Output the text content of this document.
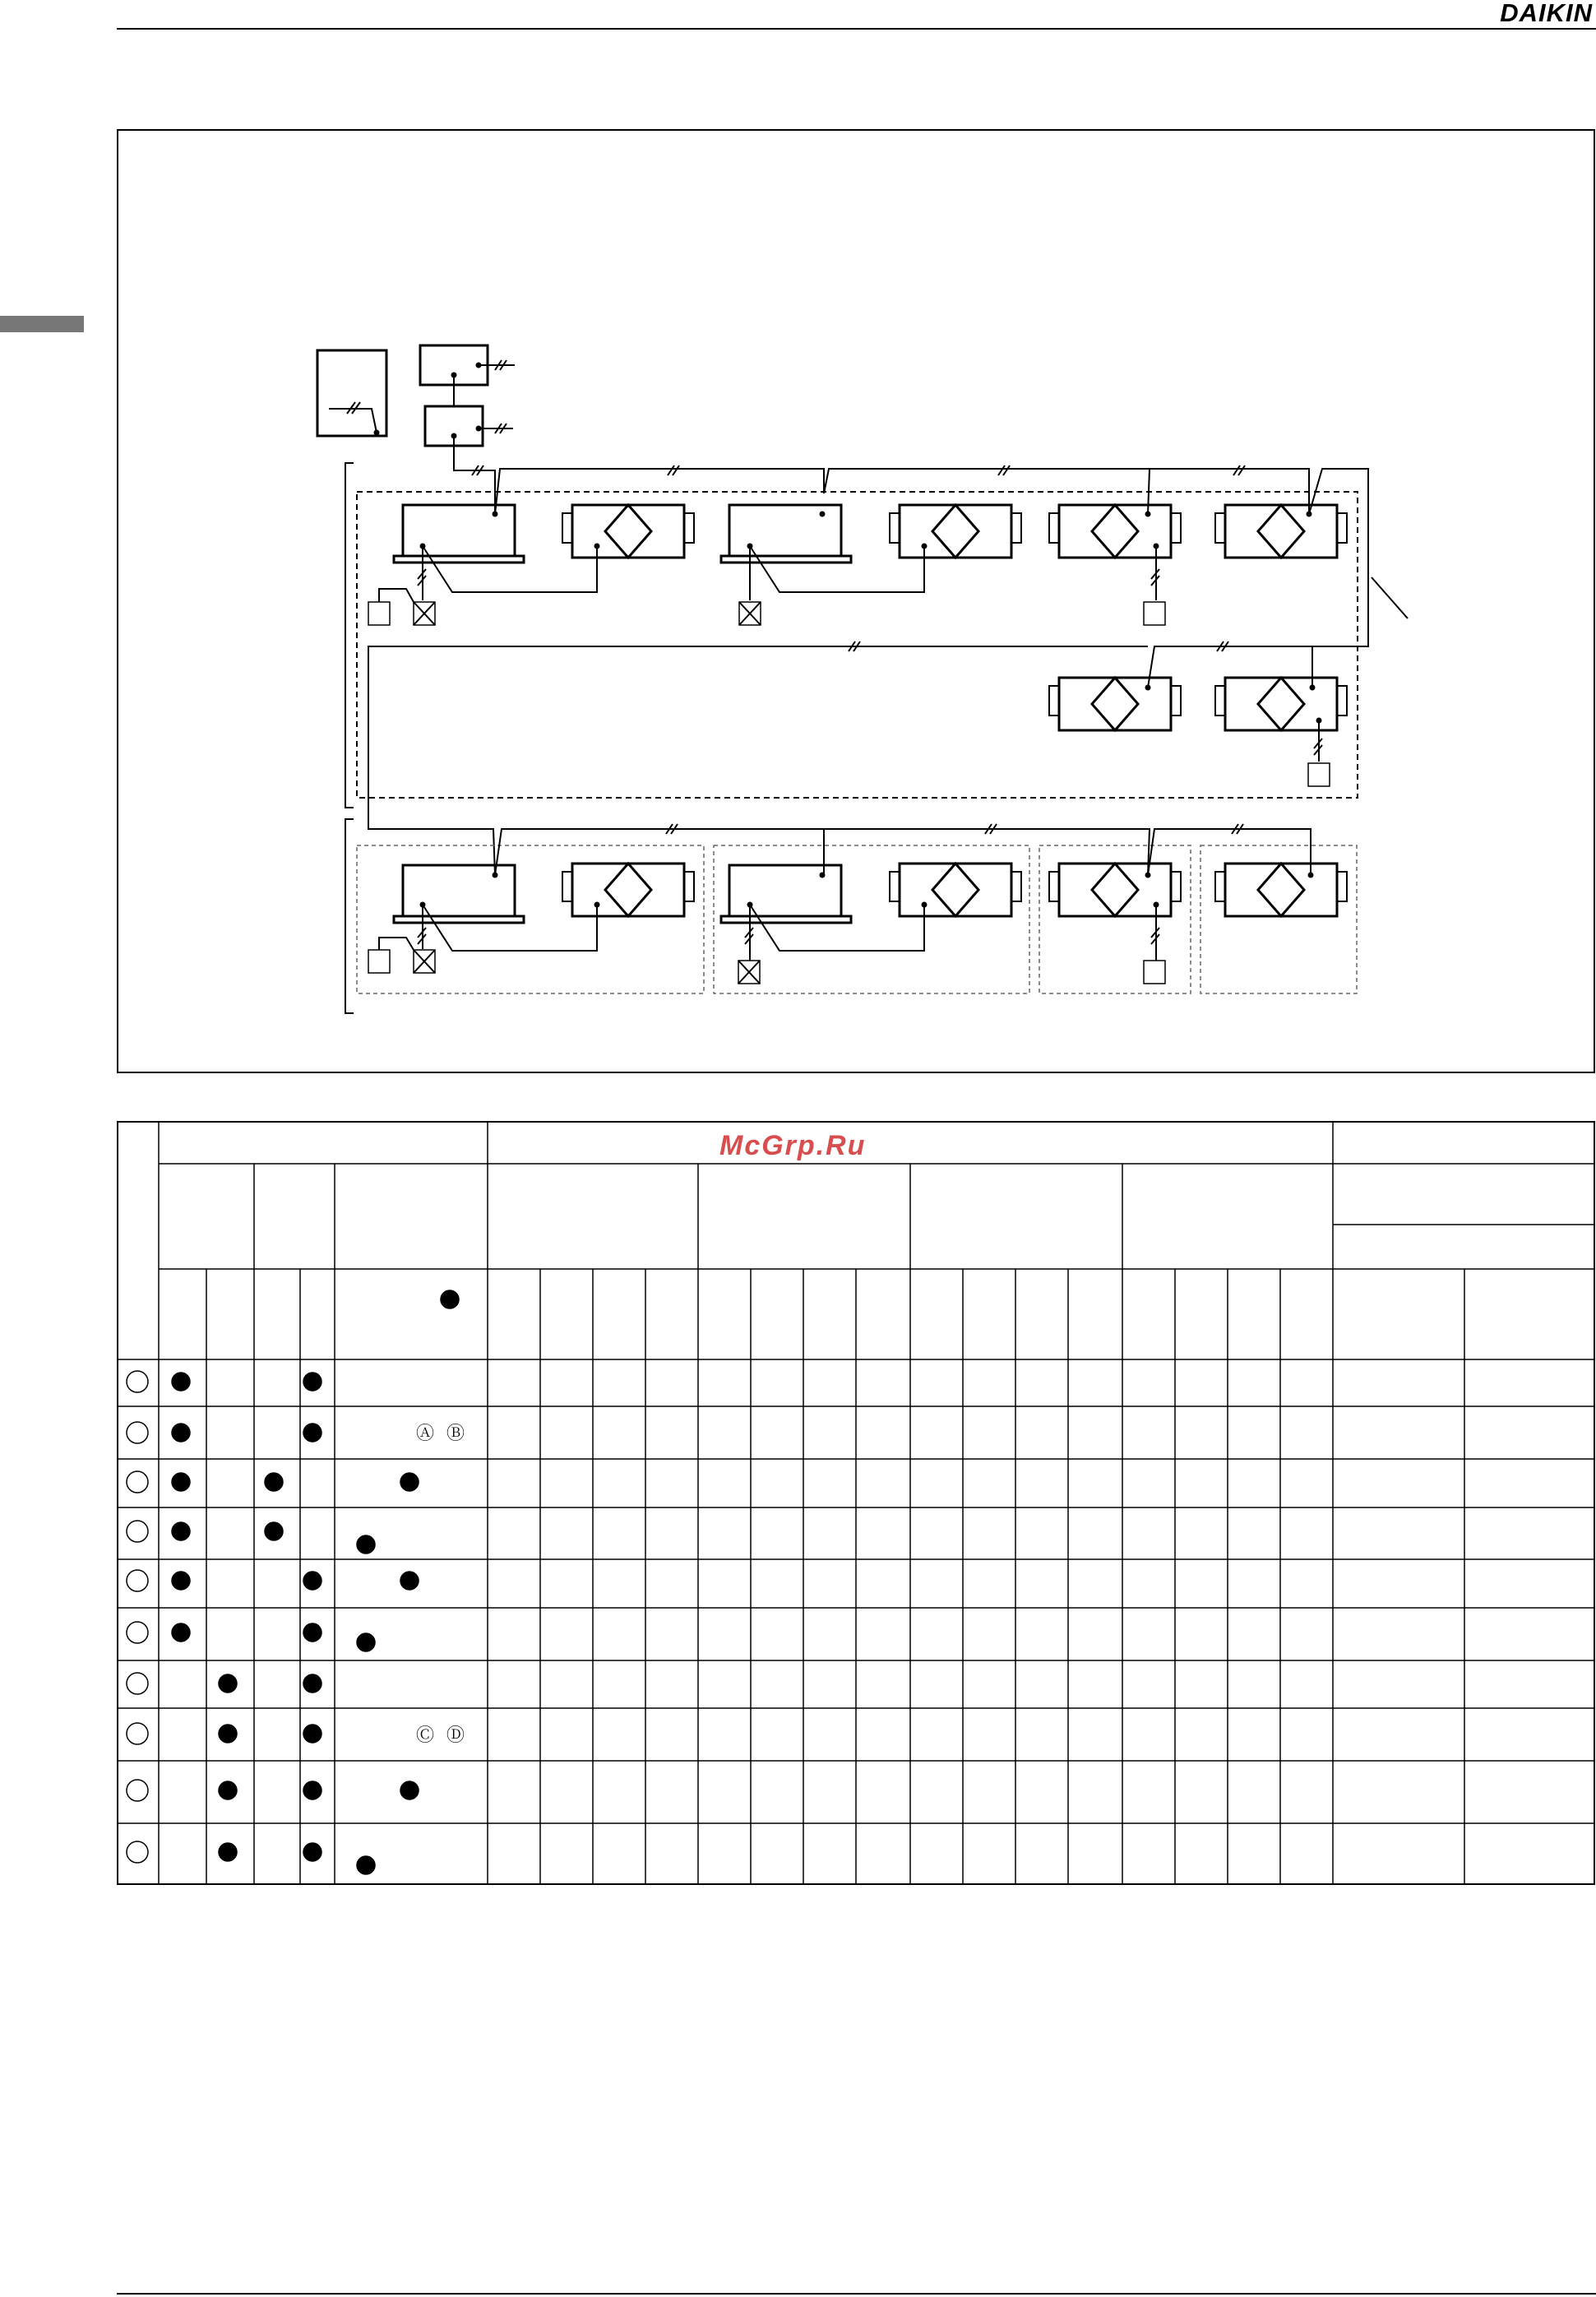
DAIKIN
Ⓐ Ⓑ
Ⓒ Ⓓ
McGrp.Ru
